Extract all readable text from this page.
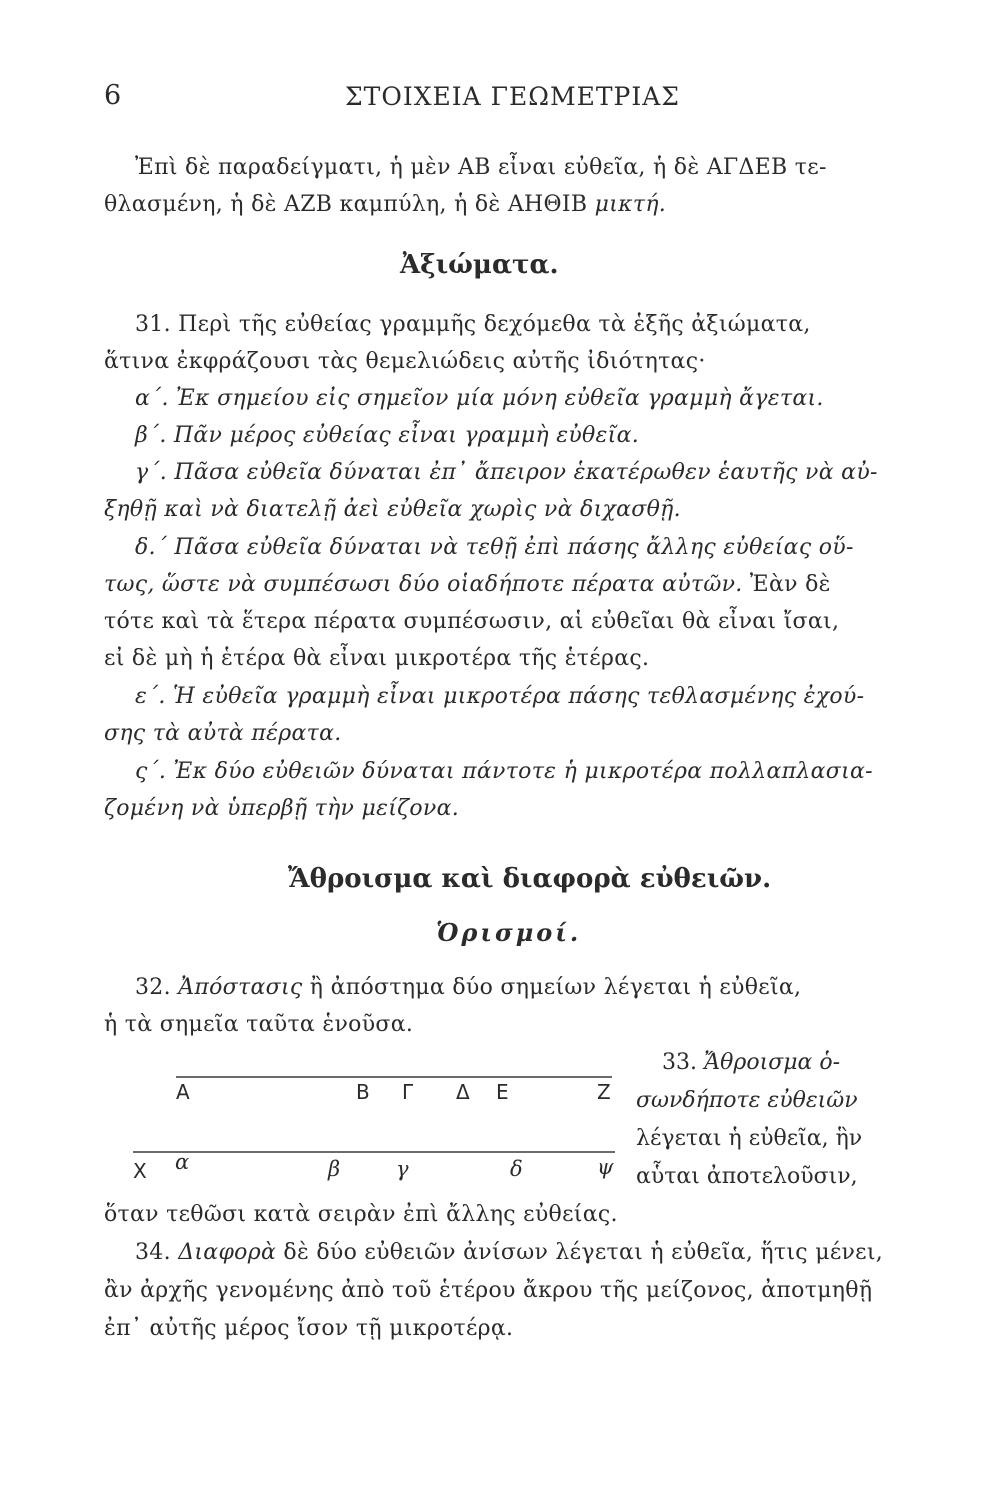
6	ΣΤΟΙΧΕΙΑ ΓΕΩΜΕΤΡΙΑΣ
Ἐπὶ δὲ παραδείγματι, ἡ μὲν ΑΒ εἶναι εὐθεῖα, ἡ δὲ ΑΓΔΕΒ τε-
θλασμένη, ἡ δὲ ΑΖΒ καμπύλη, ἡ δὲ ΑΗΘΙΒ μικτή.
Ἀξιώματα.
31. Περὶ τῆς εὐθείας γραμμῆς δεχόμεθα τὰ ἑξῆς ἀξιώματα,
ἅτινα ἐκφράζουσι τὰς θεμελιώδεις αὐτῆς ἰδιότητας·
α΄. Ἐκ σημείου εἰς σημεῖον μία μόνη εὐθεῖα γραμμὴ ἄγεται.
β΄. Πᾶν μέρος εὐθείας εἶναι γραμμὴ εὐθεῖα.
γ΄. Πᾶσα εὐθεῖα δύναται ἐπ᾽ ἄπειρον ἑκατέρωθεν ἑαυτῆς νὰ αὐ-
ξηθῇ καὶ νὰ διατελῇ ἀεὶ εὐθεῖα χωρὶς νὰ διχασθῇ.
δ.΄ Πᾶσα εὐθεῖα δύναται νὰ τεθῇ ἐπὶ πάσης ἄλλης εὐθείας οὕ-
τως, ὥστε νὰ συμπέσωσι δύο οἱαδήποτε πέρατα αὐτῶν. Ἐὰν δὲ
τότε καὶ τὰ ἕτερα πέρατα συμπέσωσιν, αἱ εὐθεῖαι θὰ εἶναι ἴσαι,
εἰ δὲ μὴ ἡ ἑτέρα θὰ εἶναι μικροτέρα τῆς ἑτέρας.
ε΄. Ἡ εὐθεῖα γραμμὴ εἶναι μικροτέρα πάσης τεθλασμένης ἐχού-
σης τὰ αὐτὰ πέρατα.
ς΄. Ἐκ δύο εὐθειῶν δύναται πάντοτε ἡ μικροτέρα πολλαπλασια-
ζομένη νὰ ὑπερβῇ τὴν μείζονα.
Ἄθροισμα καὶ διαφορὰ εὐθειῶν.
Ὁρισμοί.
32. Ἀπόστασις ἢ ἀπόστημα δύο σημείων λέγεται ἡ εὐθεῖα,
ἡ τὰ σημεῖα ταῦτα ἑνοῦσα.
33. Ἄθροισμα ὁ-
σωνδήποτε εὐθειῶν
λέγεται ἡ εὐθεῖα, ἣν
αὗται ἀποτελοῦσιν,
Α	Β Γ Δ Ε	Ζ
Χ α	β	γ	δ	ψ
ὅταν τεθῶσι κατὰ σειρὰν ἐπὶ ἄλλης εὐθείας.
34. Διαφορὰ δὲ δύο εὐθειῶν ἀνίσων λέγεται ἡ εὐθεῖα, ἥτις μένει,
ἂν ἀρχῆς γενομένης ἀπὸ τοῦ ἑτέρου ἄκρου τῆς μείζονος, ἀποτμηθῇ
ἐπ᾽ αὐτῆς μέρος ἴσον τῇ μικροτέρᾳ.
